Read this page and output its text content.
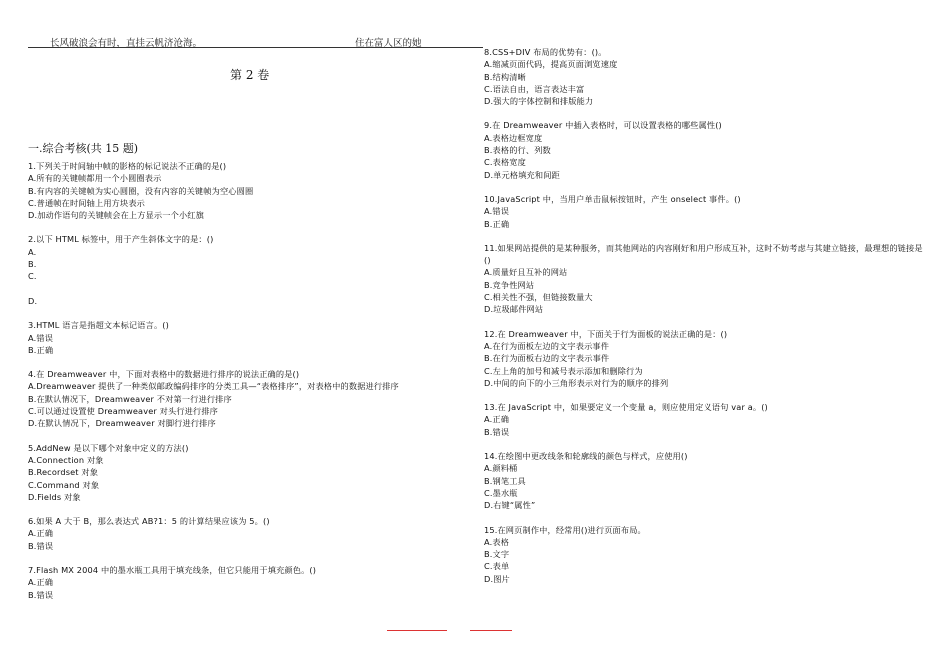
长风破浪会有时，直挂云帆济沧海。	住在富人区的她
第 2 卷
一.综合考核(共 15 题)
1.下列关于时间轴中帧的影格的标记说法不正确的是()
A.所有的关键帧都用一个小圆圈表示
B.有内容的关键帧为实心圆圈，没有内容的关键帧为空心圆圈
C.普通帧在时间轴上用方块表示
D.加动作语句的关键帧会在上方显示一个小红旗
2.以下 HTML 标签中，用于产生斜体文字的是：()
A.
B.
C.
D.
3.HTML 语言是指超文本标记语言。()
A.错误
B.正确
4.在 Dreamweaver 中，下面对表格中的数据进行排序的说法正确的是()
A.Dreamweaver 提供了一种类似邮政编码排序的分类工具—“表格排序”，对表格中的数据进行排序
B.在默认情况下，Dreamweaver 不对第一行进行排序
C.可以通过设置使 Dreamweaver 对头行进行排序
D.在默认情况下，Dreamweaver 对脚行进行排序
5.AddNew 是以下哪个对象中定义的方法()
A.Connection 对象
B.Recordset 对象
C.Command 对象
D.Fields 对象
6.如果 A 大于 B，那么表达式 AB?1：5 的计算结果应该为 5。()
A.正确
B.错误
7.Flash MX 2004 中的墨水瓶工具用于填充线条，但它只能用于填充颜色。()
A.正确
B.错误
8.CSS+DIV 布局的优势有：()。
A.缩减页面代码，提高页面浏览速度
B.结构清晰
C.语法自由，语言表达丰富
D.强大的字体控制和排版能力
9.在 Dreamweaver 中插入表格时，可以设置表格的哪些属性()
A.表格边框宽度
B.表格的行、列数
C.表格宽度
D.单元格填充和间距
10.JavaScript 中，当用户单击鼠标按钮时，产生 onselect 事件。()
A.错误
B.正确
11.如果网站提供的是某种服务，而其他网站的内容刚好和用户形成互补，这时不妨考虑与其建立链接，最理想的链接是()
A.质量好且互补的网站
B.竞争性网站
C.相关性不强，但链接数量大
D.垃圾邮件网站
12.在 Dreamweaver 中，下面关于行为面板的说法正确的是：()
A.在行为面板左边的文字表示事件
B.在行为面板右边的文字表示事件
C.左上角的加号和减号表示添加和删除行为
D.中间的向下的小三角形表示对行为的顺序的排列
13.在 JavaScript 中，如果要定义一个变量 a，则应使用定义语句 var a。()
A.正确
B.错误
14.在绘图中更改线条和轮廓线的颜色与样式，应使用()
A.颜料桶
B.钢笔工具
C.墨水瓶
D.右键“属性”
15.在网页制作中，经常用()进行页面布局。
A.表格
B.文字
C.表单
D.图片
